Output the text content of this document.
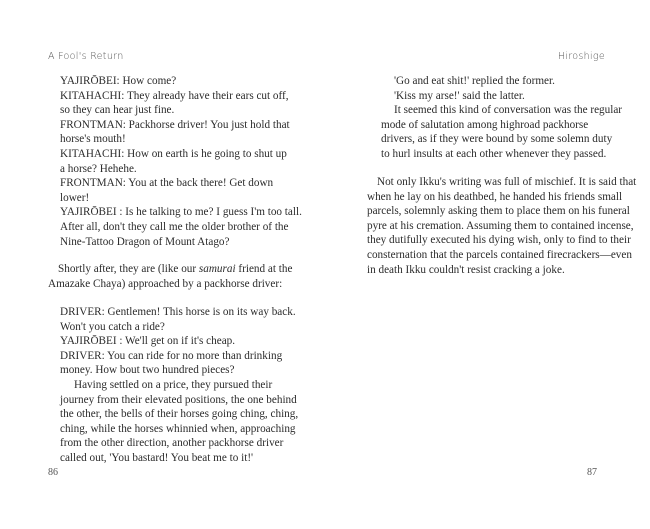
A Fool's Return
YAJIRŌBEI: How come?
KITAHACHI: They already have their ears cut off,
so they can hear just fine.
FRONTMAN: Packhorse driver! You just hold that
horse's mouth!
KITAHACHI: How on earth is he going to shut up
a horse? Hehehe.
FRONTMAN: You at the back there! Get down
lower!
YAJIRŌBEI : Is he talking to me? I guess I'm too tall.
After all, don't they call me the older brother of the
Nine-Tattoo Dragon of Mount Atago?
Shortly after, they are (like our samurai friend at the
Amazake Chaya) approached by a packhorse driver:
DRIVER: Gentlemen! This horse is on its way back.
Won't you catch a ride?
YAJIRŌBEI : We'll get on if it's cheap.
DRIVER: You can ride for no more than drinking
money. How bout two hundred pieces?
Having settled on a price, they pursued their
journey from their elevated positions, the one behind
the other, the bells of their horses going ching, ching,
ching, while the horses whinnied when, approaching
from the other direction, another packhorse driver
called out, 'You bastard! You beat me to it!'
86
Hiroshige
'Go and eat shit!' replied the former.
'Kiss my arse!' said the latter.
It seemed this kind of conversation was the regular
mode of salutation among highroad packhorse
drivers, as if they were bound by some solemn duty
to hurl insults at each other whenever they passed.
Not only Ikku's writing was full of mischief. It is said that
when he lay on his deathbed, he handed his friends small
parcels, solemnly asking them to place them on his funeral
pyre at his cremation. Assuming them to contained incense,
they dutifully executed his dying wish, only to find to their
consternation that the parcels contained firecrackers—even
in death Ikku couldn't resist cracking a joke.
87
